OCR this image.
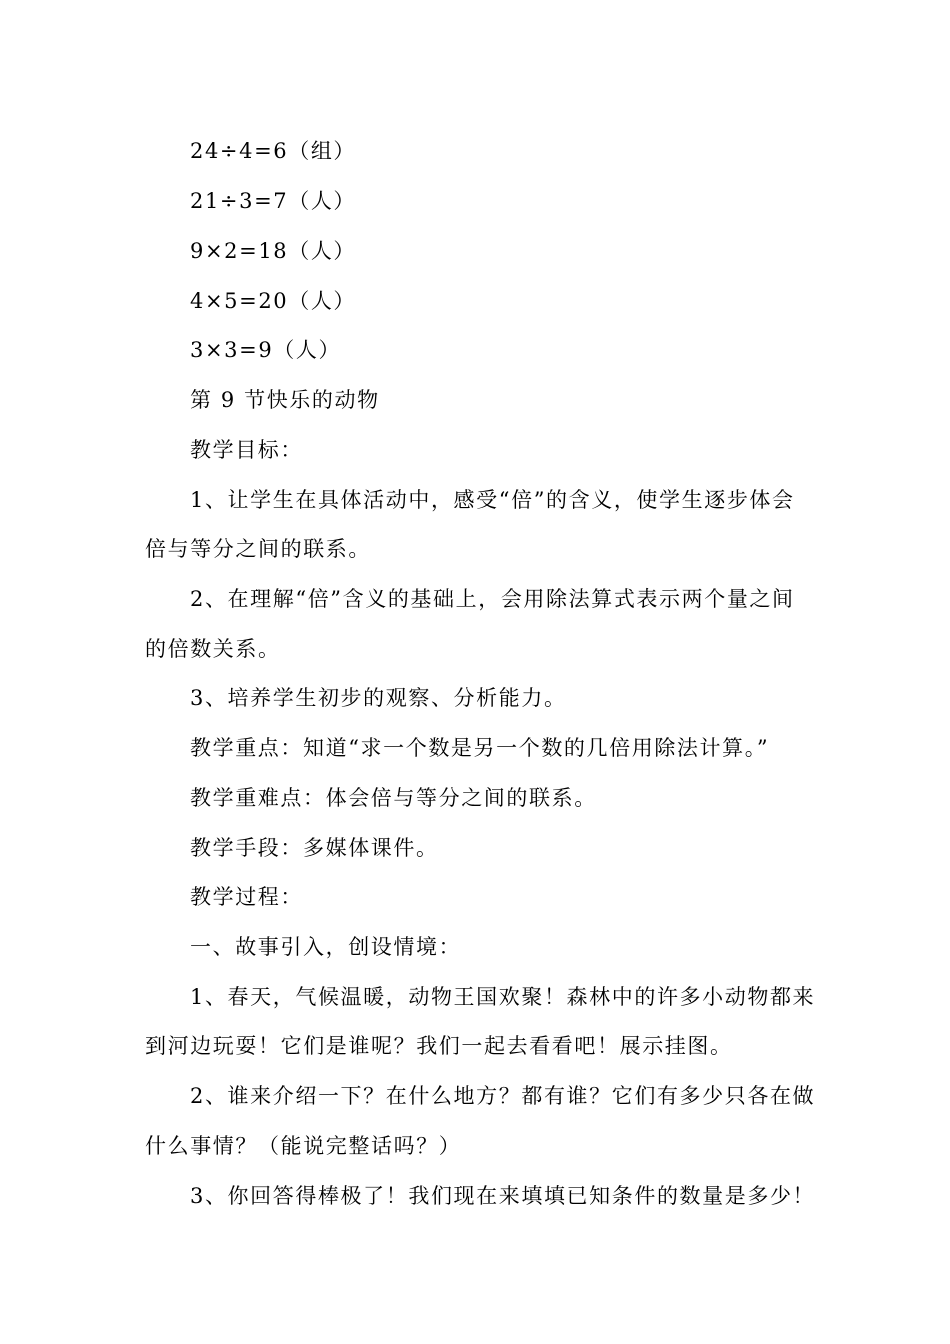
24÷4=6（组）
21÷3=7（人）
9×2=18（人）
4×5=20（人）
3×3=9（人）
第 9 节快乐的动物
教学目标：
1、让学生在具体活动中，感受“倍”的含义，使学生逐步体会
倍与等分之间的联系。
2、在理解“倍”含义的基础上，会用除法算式表示两个量之间
的倍数关系。
3、培养学生初步的观察、分析能力。
教学重点：知道“求一个数是另一个数的几倍用除法计算。”
教学重难点：体会倍与等分之间的联系。
教学手段：多媒体课件。
教学过程：
一、故事引入，创设情境：
1、春天，气候温暖，动物王国欢聚！森林中的许多小动物都来
到河边玩耍！它们是谁呢？我们一起去看看吧！展示挂图。
2、谁来介绍一下？在什么地方？都有谁？它们有多少只各在做
什么事情？（能说完整话吗？）
3、你回答得棒极了！我们现在来填填已知条件的数量是多少！
